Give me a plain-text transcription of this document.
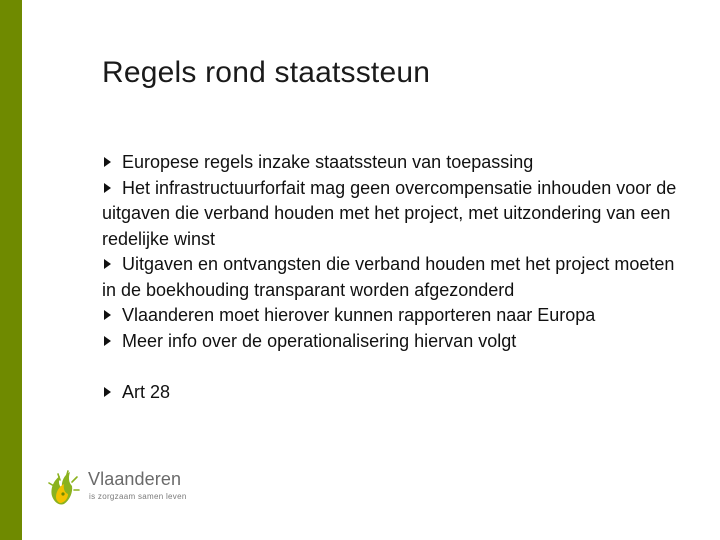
Regels rond staatssteun
Europese regels inzake staatssteun van toepassing
Het infrastructuurforfait mag geen overcompensatie inhouden voor de uitgaven die verband houden met het project, met uitzondering van een redelijke winst
Uitgaven en ontvangsten die verband houden met het project moeten in de boekhouding transparant worden afgezonderd
Vlaanderen moet hierover kunnen rapporteren naar Europa
Meer info over de operationalisering hiervan volgt
Art 28
Vlaanderen
is zorgzaam samen leven
